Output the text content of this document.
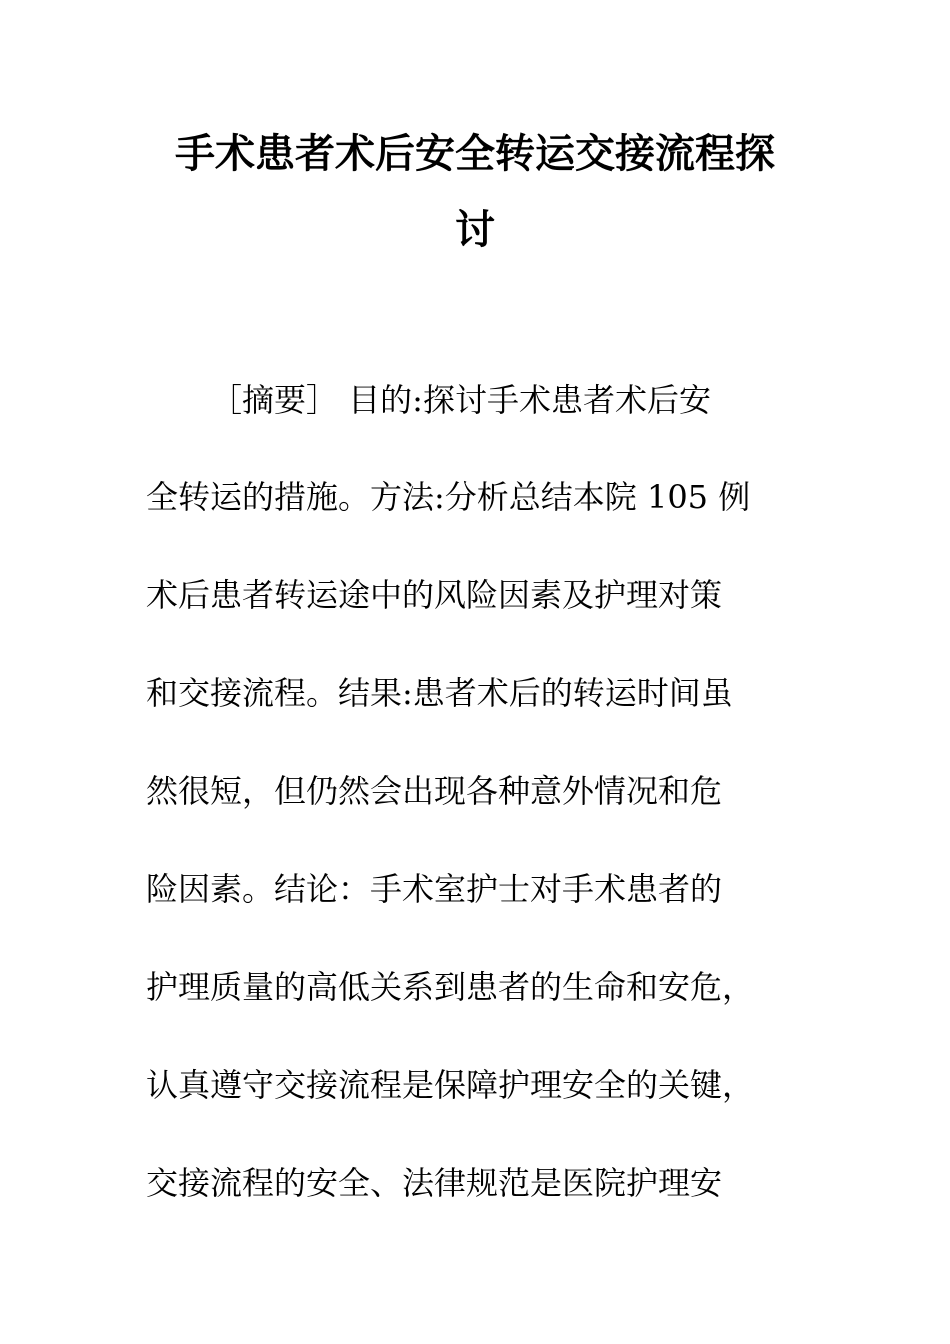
手术患者术后安全转运交接流程探
讨
［摘要］ 目的:探讨手术患者术后安
全转运的措施。方法:分析总结本院 105 例
术后患者转运途中的风险因素及护理对策
和交接流程。结果:患者术后的转运时间虽
然很短，但仍然会出现各种意外情况和危
险因素。结论：手术室护士对手术患者的
护理质量的高低关系到患者的生命和安危，
认真遵守交接流程是保障护理安全的关键，
交接流程的安全、法律规范是医院护理安
